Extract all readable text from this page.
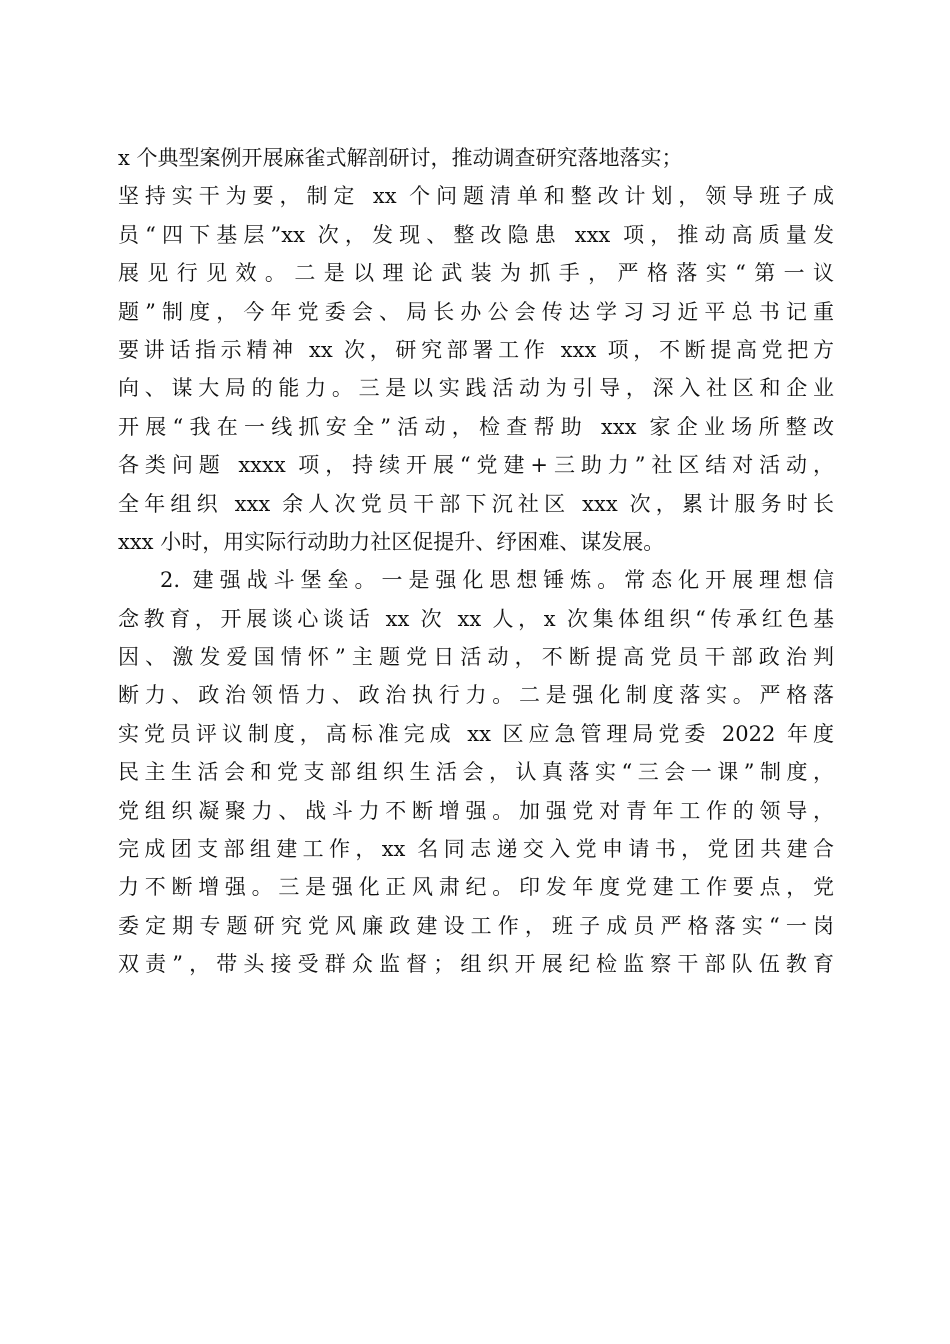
x 个典型案例开展麻雀式解剖研讨，推动调查研究落地落实；
坚持实干为要，制定 xx 个问题清单和整改计划，领导班子成
员“四下基层”xx 次，发现、整改隐患 xxx 项，推动高质量发
展见行见效。二是以理论武装为抓手，严格落实“第一议
题”制度，今年党委会、局长办公会传达学习习近平总书记重
要讲话指示精神 xx 次，研究部署工作 xxx 项，不断提高党把方
向、谋大局的能力。三是以实践活动为引导，深入社区和企业
开展“我在一线抓安全”活动，检查帮助 xxx 家企业场所整改
各类问题 xxxx 项，持续开展“党建+三助力”社区结对活动，
全年组织 xxx 余人次党员干部下沉社区 xxx 次，累计服务时长
xxx 小时，用实际行动助力社区促提升、纾困难、谋发展。
2. 建强战斗堡垒。一是强化思想锤炼。常态化开展理想信
念教育，开展谈心谈话 xx 次 xx 人，x 次集体组织“传承红色基
因、激发爱国情怀”主题党日活动，不断提高党员干部政治判
断力、政治领悟力、政治执行力。二是强化制度落实。严格落
实党员评议制度，高标准完成 xx 区应急管理局党委 2022 年度
民主生活会和党支部组织生活会，认真落实“三会一课”制度，
党组织凝聚力、战斗力不断增强。加强党对青年工作的领导，
完成团支部组建工作，xx 名同志递交入党申请书，党团共建合
力不断增强。三是强化正风肃纪。印发年度党建工作要点，党
委定期专题研究党风廉政建设工作，班子成员严格落实“一岗
双责”，带头接受群众监督；组织开展纪检监察干部队伍教育
